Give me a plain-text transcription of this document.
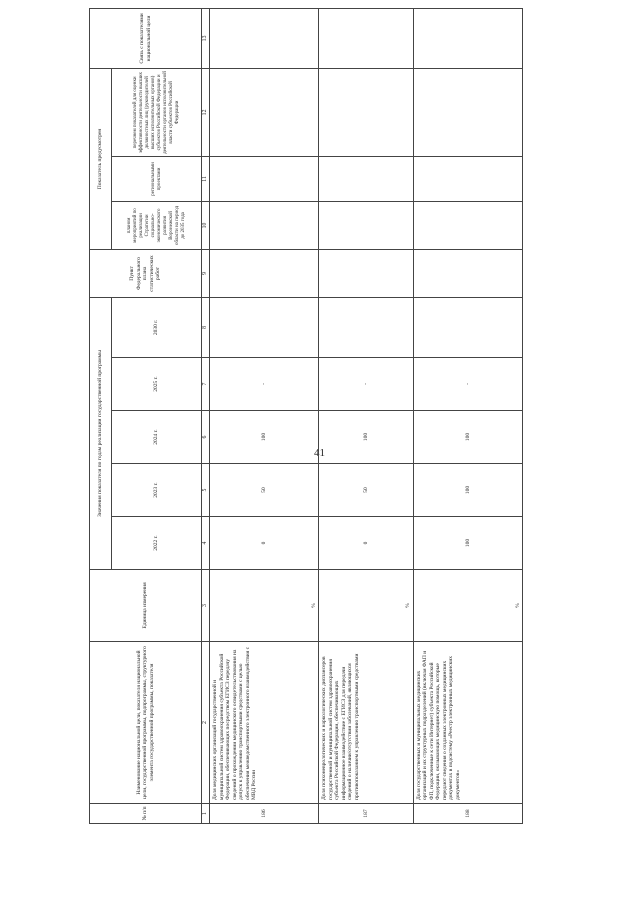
41
№ п/п	Наименование национальной цели, показателя национальной цели, государственной программы, подпрограммы, структурного элемента государственной программы, показателя	Единица измерения	Значения показателя по годам реализации государственной программы					Пункт Федерального плана статистических работ	Показатель предусмотрен			Связь с показателями национальной цели
			2022 г.	2023 г.	2024 г.	2025 г.	2030 г.		планом мероприятий по реализации Стратегии социально-экономического развития Воронежской области на период до 2035 года	региональными проектами	перечнем показателей для оценки эффективности деятельности высших должностных лиц (руководителей высших исполнительных органов) субъектов Российской Федерации и деятельности органов исполнительной власти субъектов Российской Федерации	
1	2	3	4	5	6	7	8	9	10	11	12	13
186	Доля медицинских организаций государственной и муниципальной систем здравоохранения субъекта Российской Федерации, обеспечивающих посредством ЕГИСЗ передачу сведений о прохождении медицинского освидетельствования на допуск к управлению транспортными средствами с целью обеспечения межведомственного электронного взаимодействия с МВД России	%	0	50	100	-						
187	Доля психоневрологических и наркологических диспансеров государственной и муниципальной систем здравоохранения субъекта Российской Федерации, обеспечивающих информационное взаимодействие с ЕГИСЗ для передачи сведений о наличии/отсутствии заболеваний, являющихся противопоказанием к управлению транспортными средствами	%	0	50	100	-						
188	Доля государственных и муниципальных медицинских организаций и их структурных подразделений (включая ФАП и ФП, подключенные к сети Интернет) субъекта Российской Федерации, оказывающих медицинскую помощь, которые передают сведения о созданных электронных медицинских документах в подсистему «Реестр электронных медицинских документов»	%	100	100	100	-						
